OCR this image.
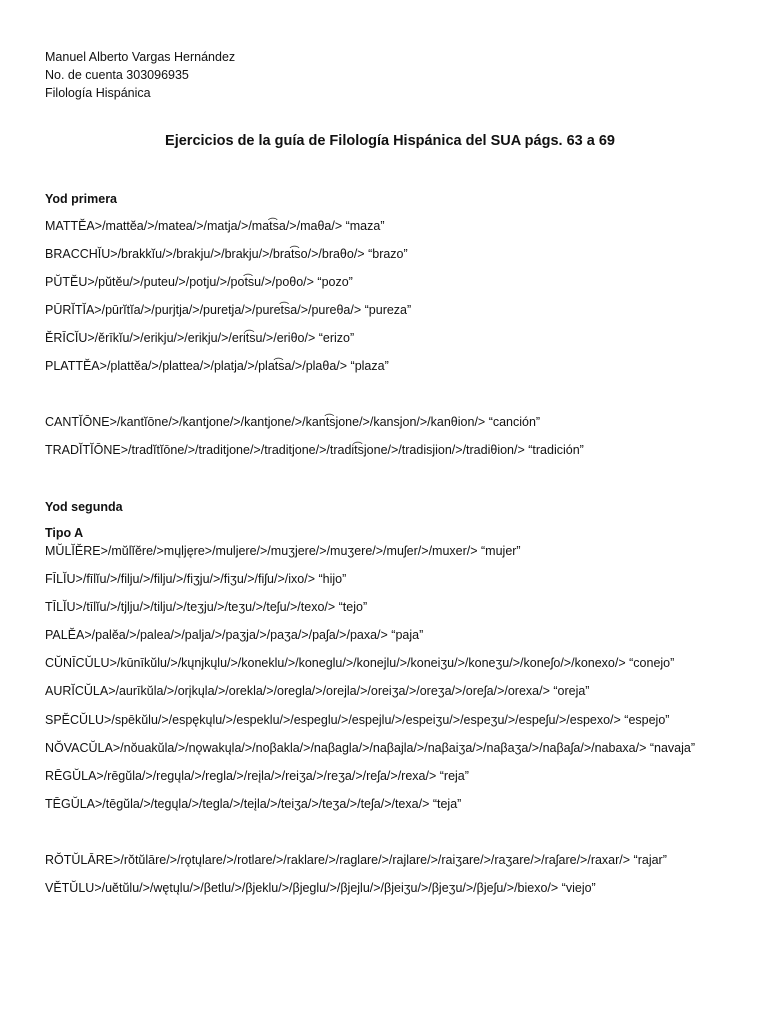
Manuel Alberto Vargas Hernández
No. de cuenta 303096935
Filología Hispánica
Ejercicios de la guía de Filología Hispánica del SUA págs. 63 a 69
Yod primera
MATTĔA>/mattĕa/>/matea/>/matja/>/mat͡sa/>/maθa/> “maza”
BRACCHĬU>/brakkĭu/>/brakju/>/brakju/>/brat͡so/>/braθo/> “brazo”
PŬTĔU>/pŭtĕu/>/puteu/>/potju/>/pot͡su/>/poθo/> “pozo”
PŪRĬTĬA>/pūrĭtĭa/>/purjtja/>/puretja/>/puret͡sa/>/pureθa/> “pureza”
ĔRĪCĬU>/ĕrīkĭu/>/erikju/>/erikju/>/erit͡su/>/eriθo/> “erizo”
PLATTĔA>/plattĕa/>/plattea/>/platja/>/plat͡sa/>/plaθa/> “plaza”
CANTĬŌNE>/kantĭōne/>/kantjone/>/kantjone/>/kant͡sjone/>/kansjon/>/kanθion/> “canción”
TRADĬTĬŌNE>/tradĭtĭōne/>/traditjone/>/traditjone/>/tradit͡sjone/>/tradisjion/>/tradiθion/> “tradición”
Yod segunda
Tipo A
MŬLĬĔRE>/mŭlĭĕre/>mųljęre>/muljere/>/muʒjere/>/muʒere/>/muʃer/>/muxer/> “mujer”
FĪLĬU>/fīlĭu/>/filju/>/filju/>/fiʒju/>/fiʒu/>/fiʃu/>/ixo/> “hijo”
TĪLĬU>/tīlĭu/>/tjlju/>/tilju/>/teʒju/>/teʒu/>/teʃu/>/texo/> “tejo”
PALĔA>/palĕa/>/palea/>/palja/>/paʒja/>/paʒa/>/paʃa/>/paxa/> “paja”
CŬNĪCŬLU>/kūnīkŭlu/>/kųnjkųlu/>/koneklu/>/koneglu/>/konejlu/>/koneiʒu/>/koneʒu/>/koneʃo/>/konexo/> “conejo”
AURĬCŬLA>/aurīkŭla/>/orįkųla/>/orekla/>/oregla/>/orejla/>/oreiʒa/>/oreʒa/>/oreʃa/>/orexa/> “oreja”
SPĔCŬLU>/spēkŭlu/>/espękųlu/>/espeklu/>/espeglu/>/espejlu/>/espeiʒu/>/espeʒu/>/espeʃu/>/espexo/> “espejo”
NŎVACŬLA>/nŏuakŭla/>/nǫwakųla/>/noβakla/>/naβagla/>/naβajla/>/naβaiʒa/>/naβaʒa/>/naβaʃa/>/nabaxa/> “navaja”
RĒGŬLA>/rēgŭla/>/regųla/>/regla/>/reįla/>/reiʒa/>/reʒa/>/reʃa/>/rexa/> “reja”
TĒGŬLA>/tēgŭla/>/tegųla/>/tegla/>/teįla/>/teiʒa/>/teʒa/>/teʃa/>/texa/> “teja”
RŎTŬLĀRE>/rŏtŭlāre/>/rǫtųlare/>/rotlare/>/raklare/>/raglare/>/rajlare/>/raiʒare/>/raʒare/>/raʃare/>/raxar/> “rajar”
VĔTŬLU>/uĕtŭlu/>/wętųlu/>/βetlu/>/βjeklu/>/βjeglu/>/βjejlu/>/βjeiʒu/>/βjeʒu/>/βjeʃu/>/biexo/> “viejo”
